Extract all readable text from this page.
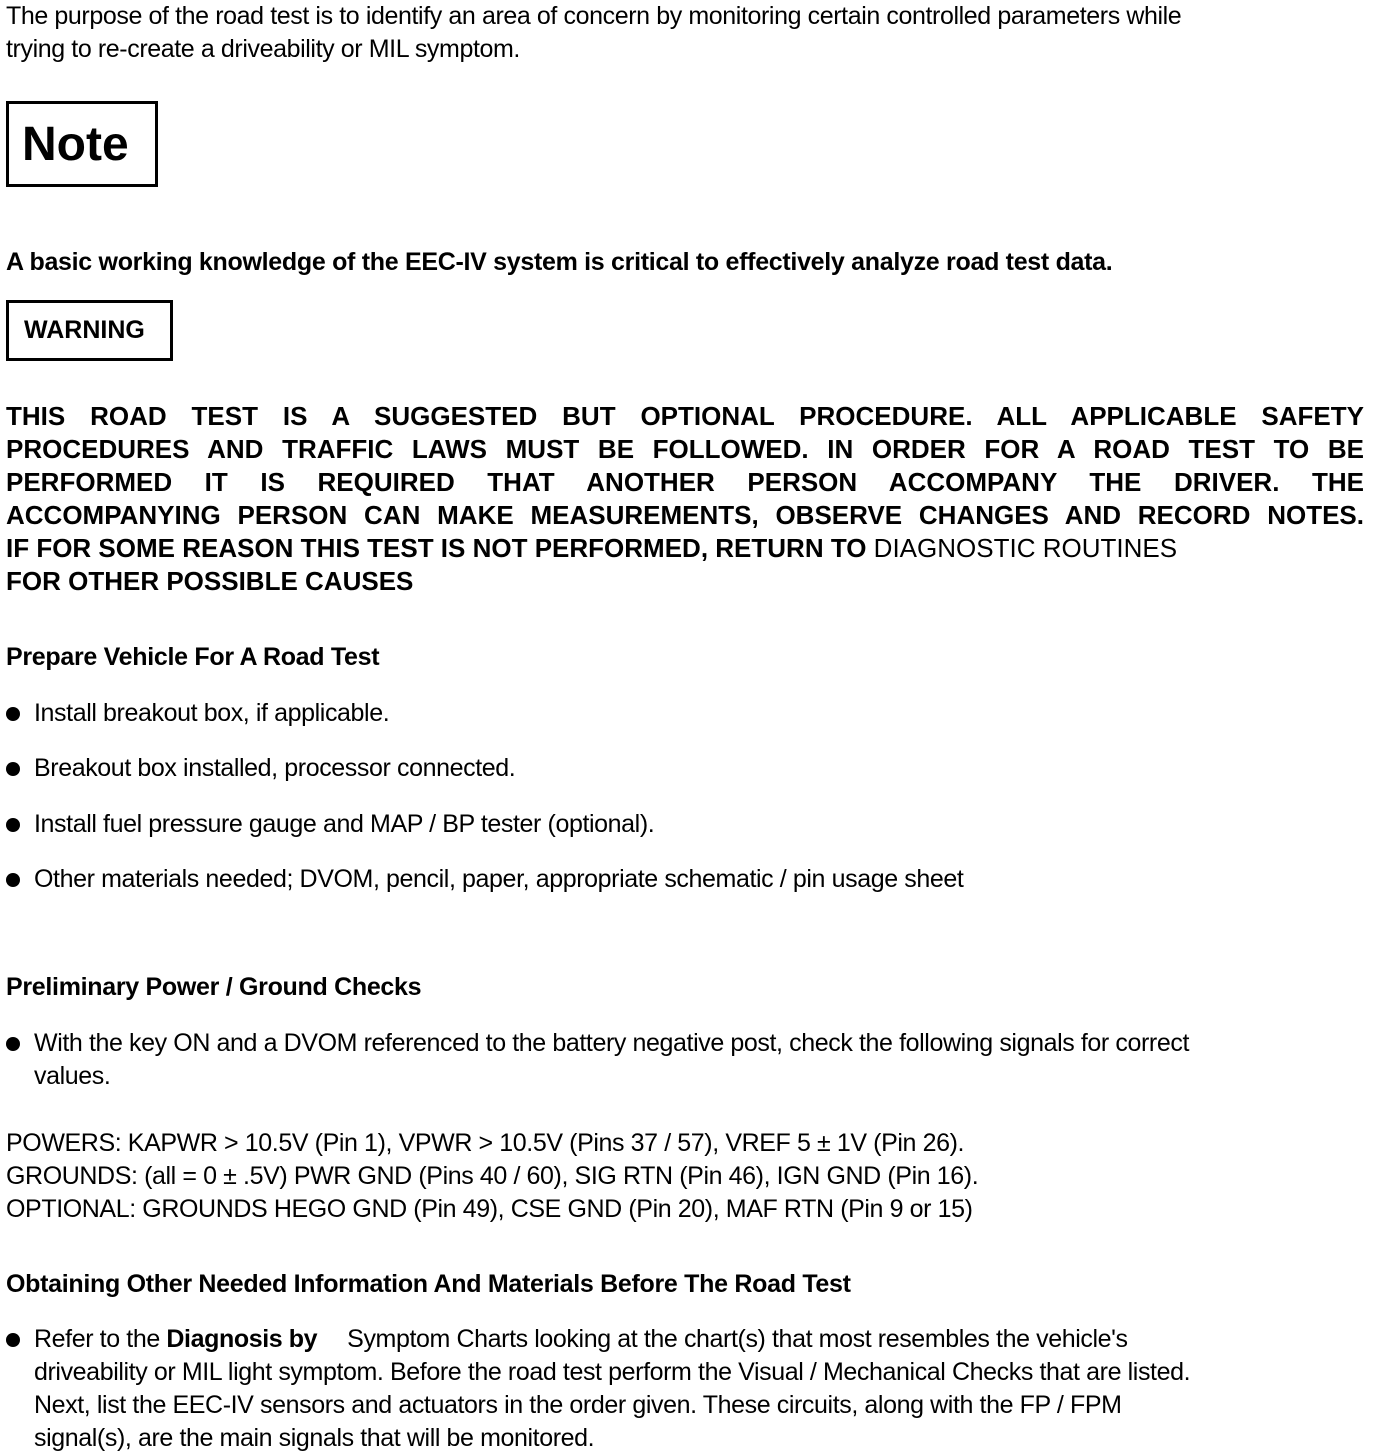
The purpose of the road test is to identify an area of concern by monitoring certain controlled parameters while
trying to re-create a driveability or MIL symptom.

Note

A basic working knowledge of the EEC-IV system is critical to effectively analyze road test data.

WARNING
THIS ROAD TEST IS A SUGGESTED BUT OPTIONAL PROCEDURE. ALL APPLICABLE SAFETY
PROCEDURES AND TRAFFIC LAWS MUST BE FOLLOWED. IN ORDER FOR A ROAD TEST TO BE
PERFORMED IT IS REQUIRED THAT ANOTHER PERSON ACCOMPANY THE DRIVER. THE
ACCOMPANYING PERSON CAN MAKE MEASUREMENTS, OBSERVE CHANGES AND RECORD NOTES.
IF FOR SOME REASON THIS TEST IS NOT PERFORMED, RETURN TO DIAGNOSTIC ROUTINES
FOR OTHER POSSIBLE CAUSES
Prepare Vehicle For A Road Test
Install breakout box, if applicable.
Breakout box installed, processor connected.
Install fuel pressure gauge and MAP / BP tester (optional).
Other materials needed; DVOM, pencil, paper, appropriate schematic / pin usage sheet
Preliminary Power / Ground Checks
With the key ON and a DVOM referenced to the battery negative post, check the following signals for correct
values.
POWERS: KAPWR > 10.5V (Pin 1), VPWR > 10.5V (Pins 37 / 57), VREF 5 ± 1V (Pin 26).
GROUNDS: (all = 0 ± .5V) PWR GND (Pins 40 / 60), SIG RTN (Pin 46), IGN GND (Pin 16).
OPTIONAL: GROUNDS HEGO GND (Pin 49), CSE GND (Pin 20), MAF RTN (Pin 9 or 15)
Obtaining Other Needed Information And Materials Before The Road Test
Refer to the Diagnosis by Symptom Charts looking at the chart(s) that most resembles the vehicle's
driveability or MIL light symptom. Before the road test perform the Visual / Mechanical Checks that are listed.
Next, list the EEC-IV sensors and actuators in the order given. These circuits, along with the FP / FPM
signal(s), are the main signals that will be monitored.
